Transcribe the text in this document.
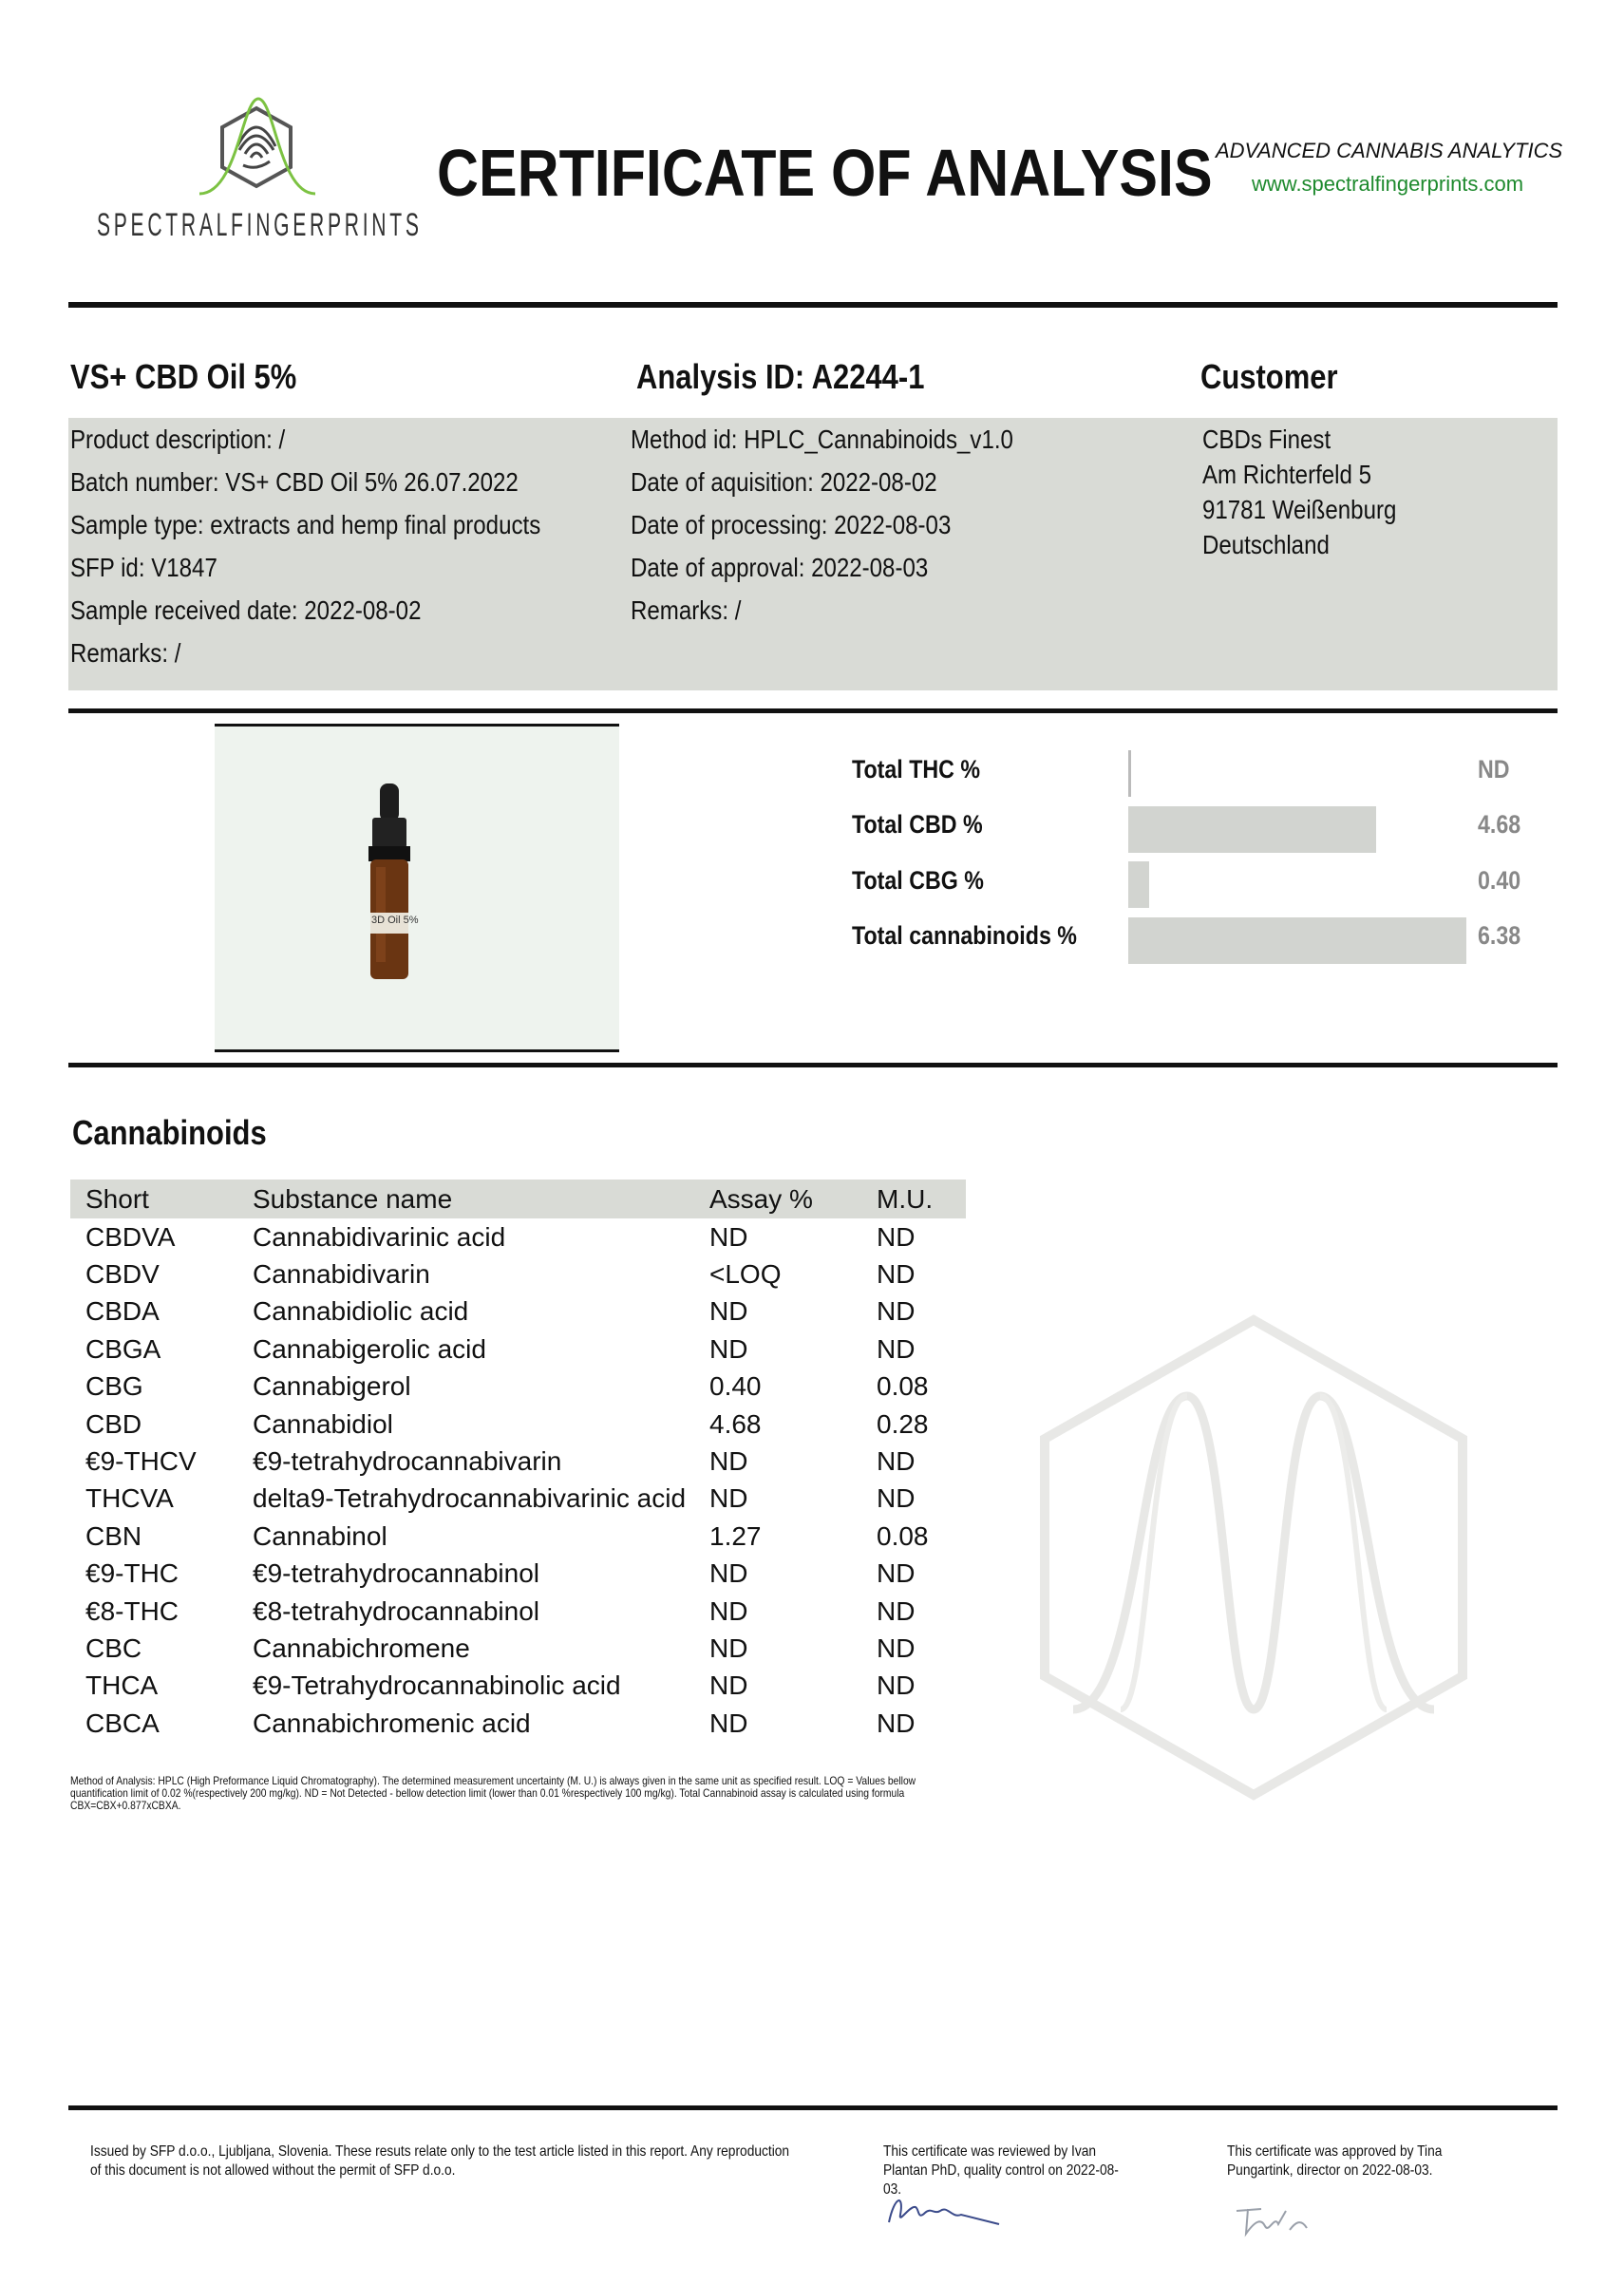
SPECTRALFINGERPRINTS
CERTIFICATE OF ANALYSIS ADVANCED CANNABIS ANALYTICS
www.spectralfingerprints.com
VS+ CBD Oil 5%	Analysis ID: A2244-1	Customer
Product description: /
Batch number: VS+ CBD Oil 5% 26.07.2022
Sample type: extracts and hemp final products
SFP id: V1847
Sample received date: 2022-08-02
Remarks: /
Method id: HPLC_Cannabinoids_v1.0
Date of aquisition: 2022-08-02
Date of processing: 2022-08-03
Date of approval: 2022-08-03
Remarks: /
CBDs Finest
Am Richterfeld 5
91781 Weißenburg
Deutschland
3D Oil 5%
Total THC %	ND
Total CBD %	4.68
Total CBG %	0.40
Total cannabinoids %	6.38
Cannabinoids
Short	Substance name	Assay %	M.U.
CBDVA	Cannabidivarinic acid	ND	ND
CBDV	Cannabidivarin	<LOQ	ND
CBDA	Cannabidiolic acid	ND	ND
CBGA	Cannabigerolic acid	ND	ND
CBG	Cannabigerol	0.40	0.08
CBD	Cannabidiol	4.68	0.28
€9-THCV	€9-tetrahydrocannabivarin	ND	ND
THCVA	delta9-Tetrahydrocannabivarinic acid	ND	ND
CBN	Cannabinol	1.27	0.08
€9-THC	€9-tetrahydrocannabinol	ND	ND
€8-THC	€8-tetrahydrocannabinol	ND	ND
CBC	Cannabichromene	ND	ND
THCA	€9-Tetrahydrocannabinolic acid	ND	ND
CBCA	Cannabichromenic acid	ND	ND
Method of Analysis: HPLC (High Preformance Liquid Chromatography). The determined measurement uncertainty (M. U.) is always given in the same unit as specified result. LOQ = Values bellow quantification limit of 0.02 %(respectively 200 mg/kg). ND = Not Detected - bellow detection limit (lower than 0.01 %respectively 100 mg/kg). Total Cannabinoid assay is calculated using formula CBX=CBX+0.877xCBXA.
Issued by SFP d.o.o., Ljubljana, Slovenia. These resuts relate only to the test article listed in this report. Any reproduction of this document is not allowed without the permit of SFP d.o.o.
This certificate was reviewed by Ivan Plantan PhD, quality control on 2022-08-03.
This certificate was approved by Tina Pungartink, director on 2022-08-03.
